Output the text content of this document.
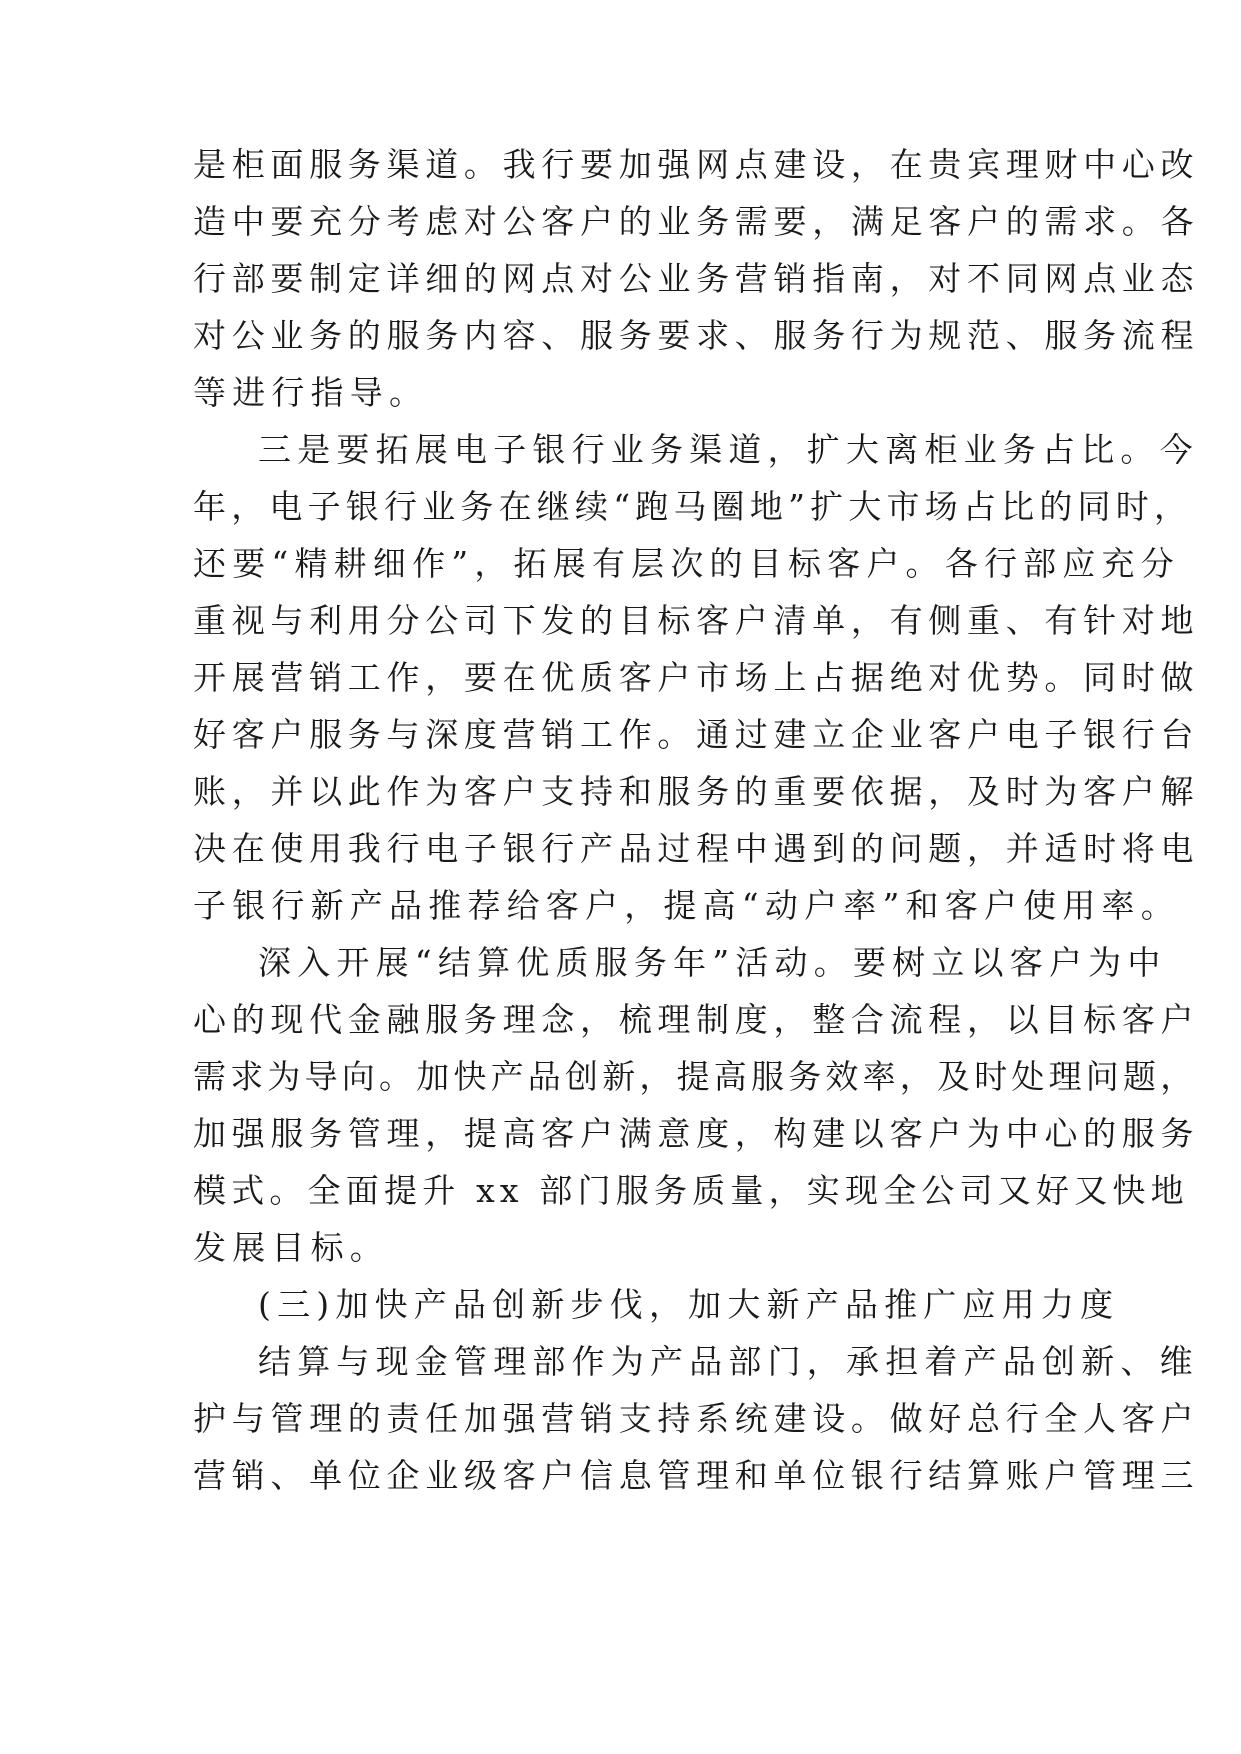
是柜面服务渠道。我行要加强网点建设，在贵宾理财中心改
造中要充分考虑对公客户的业务需要，满足客户的需求。各
行部要制定详细的网点对公业务营销指南，对不同网点业态
对公业务的服务内容、服务要求、服务行为规范、服务流程
等进行指导。
三是要拓展电子银行业务渠道，扩大离柜业务占比。今
年，电子银行业务在继续“跑马圈地”扩大市场占比的同时，
还要“精耕细作”，拓展有层次的目标客户。各行部应充分
重视与利用分公司下发的目标客户清单，有侧重、有针对地
开展营销工作，要在优质客户市场上占据绝对优势。同时做
好客户服务与深度营销工作。通过建立企业客户电子银行台
账，并以此作为客户支持和服务的重要依据，及时为客户解
决在使用我行电子银行产品过程中遇到的问题，并适时将电
子银行新产品推荐给客户，提高“动户率”和客户使用率。
深入开展“结算优质服务年”活动。要树立以客户为中
心的现代金融服务理念，梳理制度，整合流程，以目标客户
需求为导向。加快产品创新，提高服务效率，及时处理问题，
加强服务管理，提高客户满意度，构建以客户为中心的服务
模式。全面提升 xx 部门服务质量，实现全公司又好又快地
发展目标。
(三)加快产品创新步伐，加大新产品推广应用力度
结算与现金管理部作为产品部门，承担着产品创新、维
护与管理的责任加强营销支持系统建设。做好总行全人客户
营销、单位企业级客户信息管理和单位银行结算账户管理三
